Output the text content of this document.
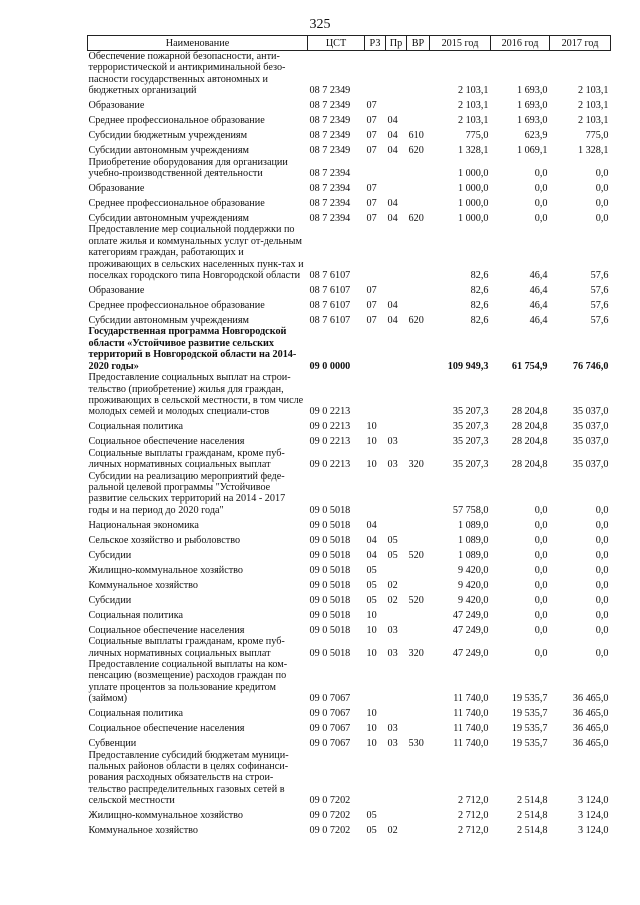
325
Наименование	ЦСТ	РЗ	Пр	ВР	2015 год	2016 год	2017 год
Обеспечение пожарной безопасности, анти-террористической и антикриминальной безо-пасности государственных автономных и бюджетных организаций	08 7 2349				2 103,1	1 693,0	2 103,1
Образование	08 7 2349	07			2 103,1	1 693,0	2 103,1
Среднее профессиональное образование	08 7 2349	07	04		2 103,1	1 693,0	2 103,1
Субсидии бюджетным учреждениям	08 7 2349	07	04	610	775,0	623,9	775,0
Субсидии автономным учреждениям	08 7 2349	07	04	620	1 328,1	1 069,1	1 328,1
Приобретение оборудования для организации учебно-производственной деятельности	08 7 2394				1 000,0	0,0	0,0
Образование	08 7 2394	07			1 000,0	0,0	0,0
Среднее профессиональное образование	08 7 2394	07	04		1 000,0	0,0	0,0
Субсидии автономным учреждениям	08 7 2394	07	04	620	1 000,0	0,0	0,0
Предоставление мер социальной поддержки по оплате жилья и коммунальных услуг от-дельным категориям граждан, работающих и проживающих в сельских населенных пунк-тах и поселках городского типа Новгородской области	08 7 6107				82,6	46,4	57,6
Образование	08 7 6107	07			82,6	46,4	57,6
Среднее профессиональное образование	08 7 6107	07	04		82,6	46,4	57,6
Субсидии автономным учреждениям	08 7 6107	07	04	620	82,6	46,4	57,6
Государственная программа Новгородской области «Устойчивое развитие сельских территорий в Новгородской области на 2014-2020 годы»	09 0 0000				109 949,3	61 754,9	76 746,0
Предоставление социальных выплат на строи-тельство (приобретение) жилья для граждан, проживающих в сельской местности, в том числе молодых семей и молодых специали-стов	09 0 2213				35 207,3	28 204,8	35 037,0
Социальная политика	09 0 2213	10			35 207,3	28 204,8	35 037,0
Социальное обеспечение населения	09 0 2213	10	03		35 207,3	28 204,8	35 037,0
Социальные выплаты гражданам, кроме пуб-личных нормативных социальных выплат	09 0 2213	10	03	320	35 207,3	28 204,8	35 037,0
Субсидии на реализацию мероприятий феде-ральной целевой программы "Устойчивое развитие сельских территорий на 2014 - 2017 годы и на период до 2020 года"	09 0 5018				57 758,0	0,0	0,0
Национальная экономика	09 0 5018	04			1 089,0	0,0	0,0
Сельское хозяйство и рыболовство	09 0 5018	04	05		1 089,0	0,0	0,0
Субсидии	09 0 5018	04	05	520	1 089,0	0,0	0,0
Жилищно-коммунальное хозяйство	09 0 5018	05			9 420,0	0,0	0,0
Коммунальное хозяйство	09 0 5018	05	02		9 420,0	0,0	0,0
Субсидии	09 0 5018	05	02	520	9 420,0	0,0	0,0
Социальная политика	09 0 5018	10			47 249,0	0,0	0,0
Социальное обеспечение населения	09 0 5018	10	03		47 249,0	0,0	0,0
Социальные выплаты гражданам, кроме пуб-личных нормативных социальных выплат	09 0 5018	10	03	320	47 249,0	0,0	0,0
Предоставление социальной выплаты на ком-пенсацию (возмещение) расходов граждан по уплате процентов за пользование кредитом (займом)	09 0 7067				11 740,0	19 535,7	36 465,0
Социальная политика	09 0 7067	10			11 740,0	19 535,7	36 465,0
Социальное обеспечение населения	09 0 7067	10	03		11 740,0	19 535,7	36 465,0
Субвенции	09 0 7067	10	03	530	11 740,0	19 535,7	36 465,0
Предоставление субсидий бюджетам муници-пальных районов области в целях софинанси-рования расходных обязательств на строи-тельство распределительных газовых сетей в сельской местности	09 0 7202				2 712,0	2 514,8	3 124,0
Жилищно-коммунальное хозяйство	09 0 7202	05			2 712,0	2 514,8	3 124,0
Коммунальное хозяйство	09 0 7202	05	02		2 712,0	2 514,8	3 124,0
